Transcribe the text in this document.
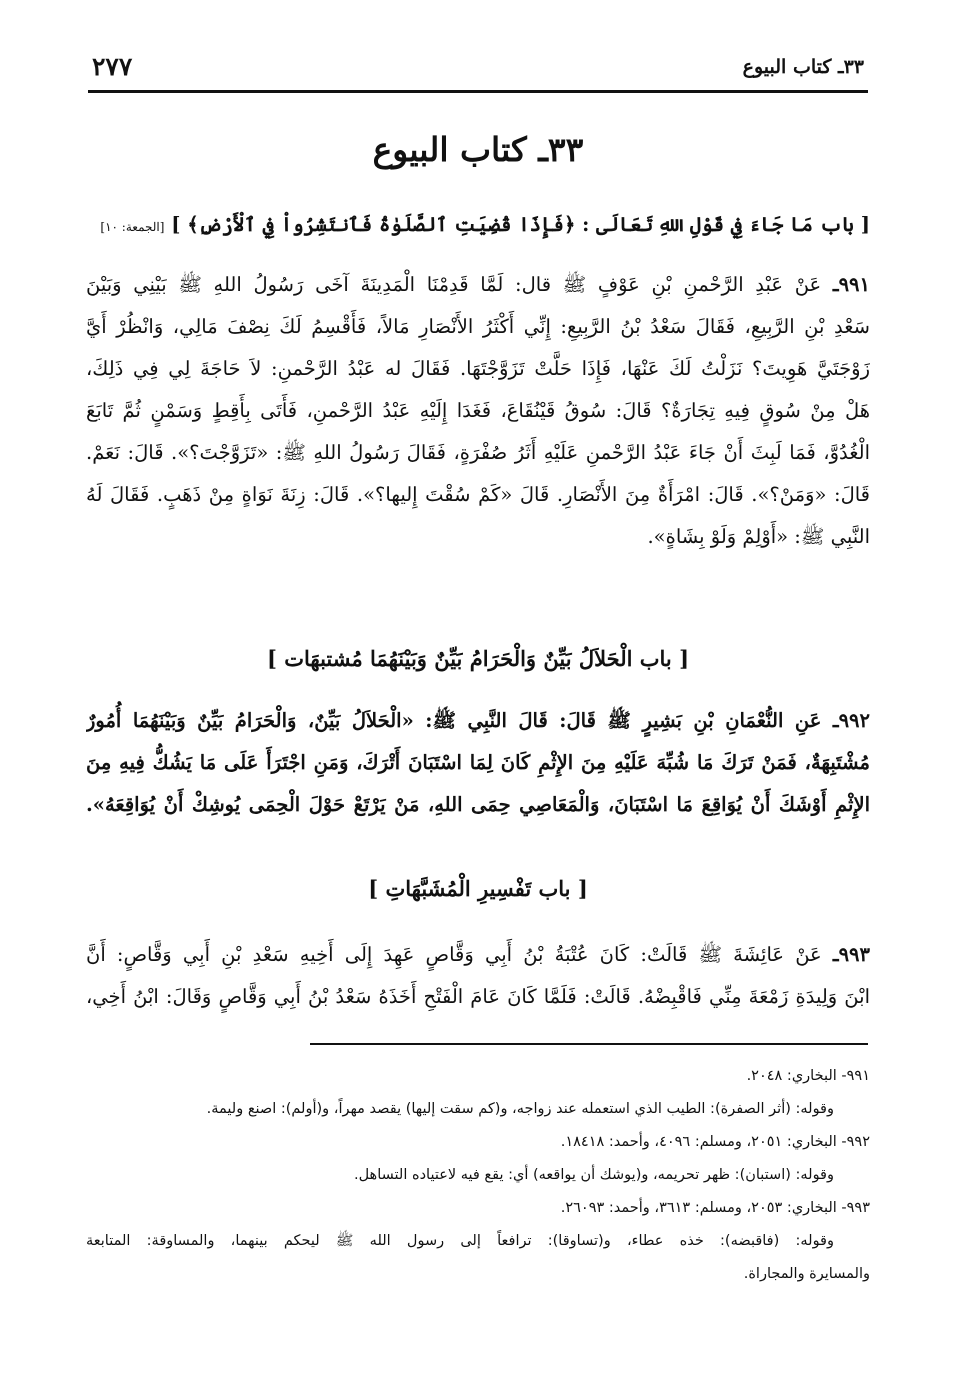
٣٣ـ كتاب البيوع
٢٧٧
٣٣ـ كتاب البيوع
[ باب مَا جَاءَ فِي قَوْلِ اللهِ تَعَالَى : ﴿فَإِذَا قُضِيَتِ ٱلصَّلَوٰةُ فَٱنتَشِرُواْ فِي ٱلْأَرْضِ﴾ ] [الجمعة: ١٠]
٩٩١ـ عَنْ عَبْدِ الرَّحْمنِ بْنِ عَوْفٍ ﷺ قال: لَمَّا قَدِمْنَا الْمَدِينَةَ آخَى رَسُولُ اللهِ ﷺ بَيْنِي وَبَيْنَ
سَعْدِ بْنِ الرَّبِيعِ، فَقَالَ سَعْدُ بْنُ الرَّبِيعِ: إِنِّي أَكْثَرُ الأَنْصَارِ مَالاً، فَأَقْسِمُ لَكَ نِصْفَ مَالِي، وَانْظُرْ أَيَّ
زَوْجَتَيَّ هَوِيتَ؟ نَزَلْتُ لَكَ عَنْهَا، فَإِذَا حَلَّتْ تَزَوَّجْتَهَا. فَقَالَ له عَبْدُ الرَّحْمنِ: لاَ حَاجَةَ لِي فِي ذَلِكَ،
هَلْ مِنْ سُوقٍ فِيهِ تِجَارَةٌ؟ قَالَ: سُوقُ قَيْنُقَاعَ، فَغَدَا إِلَيْهِ عَبْدُ الرَّحْمنِ، فَأَتَى بِأَقِطٍ وَسَمْنٍ ثُمَّ تَابَعَ
الْغُدُوَّ، فَمَا لَبِثَ أَنْ جَاءَ عَبْدُ الرَّحْمنِ عَلَيْهِ أَثَرُ صُفْرَةٍ، فَقَالَ رَسُولُ اللهِ ﷺ: «تَزَوَّجْتَ؟». قَالَ: نَعَمْ.
قَالَ: «وَمَنْ؟». قَالَ: امْرَأَةٌ مِنَ الأَنْصَارِ. قَالَ «كَمْ سُقْتَ إِليها؟». قَالَ: زِنَةَ نَوَاةٍ مِنْ ذَهَبٍ. فَقَالَ لَهُ
النَّبِي ﷺ: «أَوْلِمْ وَلَوْ بِشَاةٍ».
[ باب الْحَلاَلُ بَيِّنٌ وَالْحَرَامُ بَيِّنٌ وَبَيْنَهُمَا مُشتبهَات ]
٩٩٢ـ عَنِ النُّعْمَانِ بْنِ بَشِيرٍ ﷺ قَالَ: قَالَ النَّبِي ﷺ: «الْحَلاَلُ بَيِّنٌ، وَالْحَرَامُ بَيِّنٌ وَبَيْنَهُمَا أُمُورٌ
مُشْتَبِهَةٌ، فَمَنْ تَرَكَ مَا شُبِّهَ عَلَيْهِ مِنَ الإِثْمِ كَانَ لِمَا اسْتَبَانَ أَتْرَكَ، وَمَنِ اجْتَرَأَ عَلَى مَا يَشُكُّ فِيهِ مِنَ
الإِثْمِ أَوْشَكَ أَنْ يُوَاقِعَ مَا اسْتَبَانَ، وَالْمَعَاصِي حِمَى اللهِ، مَنْ يَرْتَعْ حَوْلَ الْحِمَى يُوشِكْ أَنْ يُوَاقِعَهُ».
[ باب تَفْسِيرِ الْمُشَبَّهَاتِ ]
٩٩٣ـ عَنْ عَائِشَةَ ﷺ قَالَتْ: كَانَ عُتْبَةُ بْنُ أَبِي وَقَّاصٍ عَهِدَ إِلَى أَخِيهِ سَعْدِ بْنِ أَبِي وَقَّاصٍ: أَنَّ
ابْنَ وَلِيدَةِ زَمْعَةَ مِنِّي فَاقْبِضْهُ. قَالَتْ: فَلَمَّا كَانَ عَامَ الْفَتْحِ أَخَذَهُ سَعْدُ بْنُ أَبِي وَقَّاصٍ وَقَالَ: ابْنُ أَخِي،
٩٩١- البخاري: ٢٠٤٨.
وقوله: (أثر الصفرة): الطيب الذي استعمله عند زواجه، و(كم سقت إليها) يقصد مهراً، و(أولم): اصنع وليمة.
٩٩٢- البخاري: ٢٠٥١، ومسلم: ٤٠٩٦، وأحمد: ١٨٤١٨.
وقوله: (استبان): ظهر تحريمه، و(يوشك أن يواقعه) أي: يقع فيه لاعتياده التساهل.
٩٩٣- البخاري: ٢٠٥٣، ومسلم: ٣٦١٣، وأحمد: ٢٦٠٩٣.
وقوله: (فاقبضه): خذه عطاء، و(تساوقا): ترافعاً إلى رسول الله ﷺ ليحكم بينهما، والمساوقة: المتابعة
والمسايرة والمجاراة.
